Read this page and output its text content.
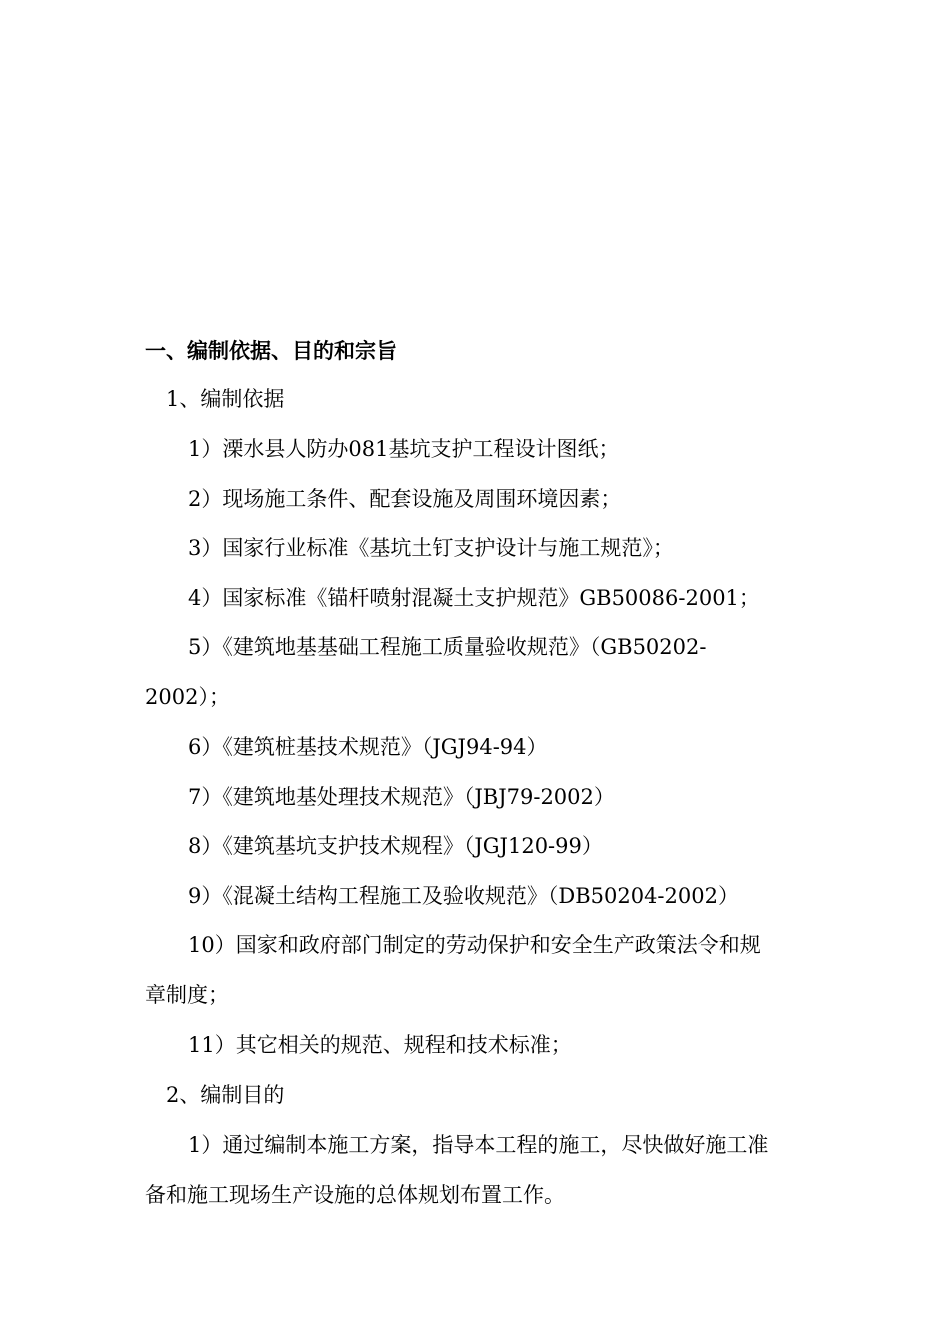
一、编制依据、目的和宗旨
1、编制依据
1）溧水县人防办081基坑支护工程设计图纸；
2）现场施工条件、配套设施及周围环境因素；
3）国家行业标准《基坑土钉支护设计与施工规范》；
4）国家标准《锚杆喷射混凝土支护规范》GB50086-2001；
5）《建筑地基基础工程施工质量验收规范》（GB50202-
2002）；
6）《建筑桩基技术规范》（JGJ94-94）
7）《建筑地基处理技术规范》（JBJ79-2002）
8）《建筑基坑支护技术规程》（JGJ120-99）
9）《混凝土结构工程施工及验收规范》（DB50204-2002）
10）国家和政府部门制定的劳动保护和安全生产政策法令和规
章制度；
11）其它相关的规范、规程和技术标准；
2、编制目的
1）通过编制本施工方案，指导本工程的施工，尽快做好施工准
备和施工现场生产设施的总体规划布置工作。
